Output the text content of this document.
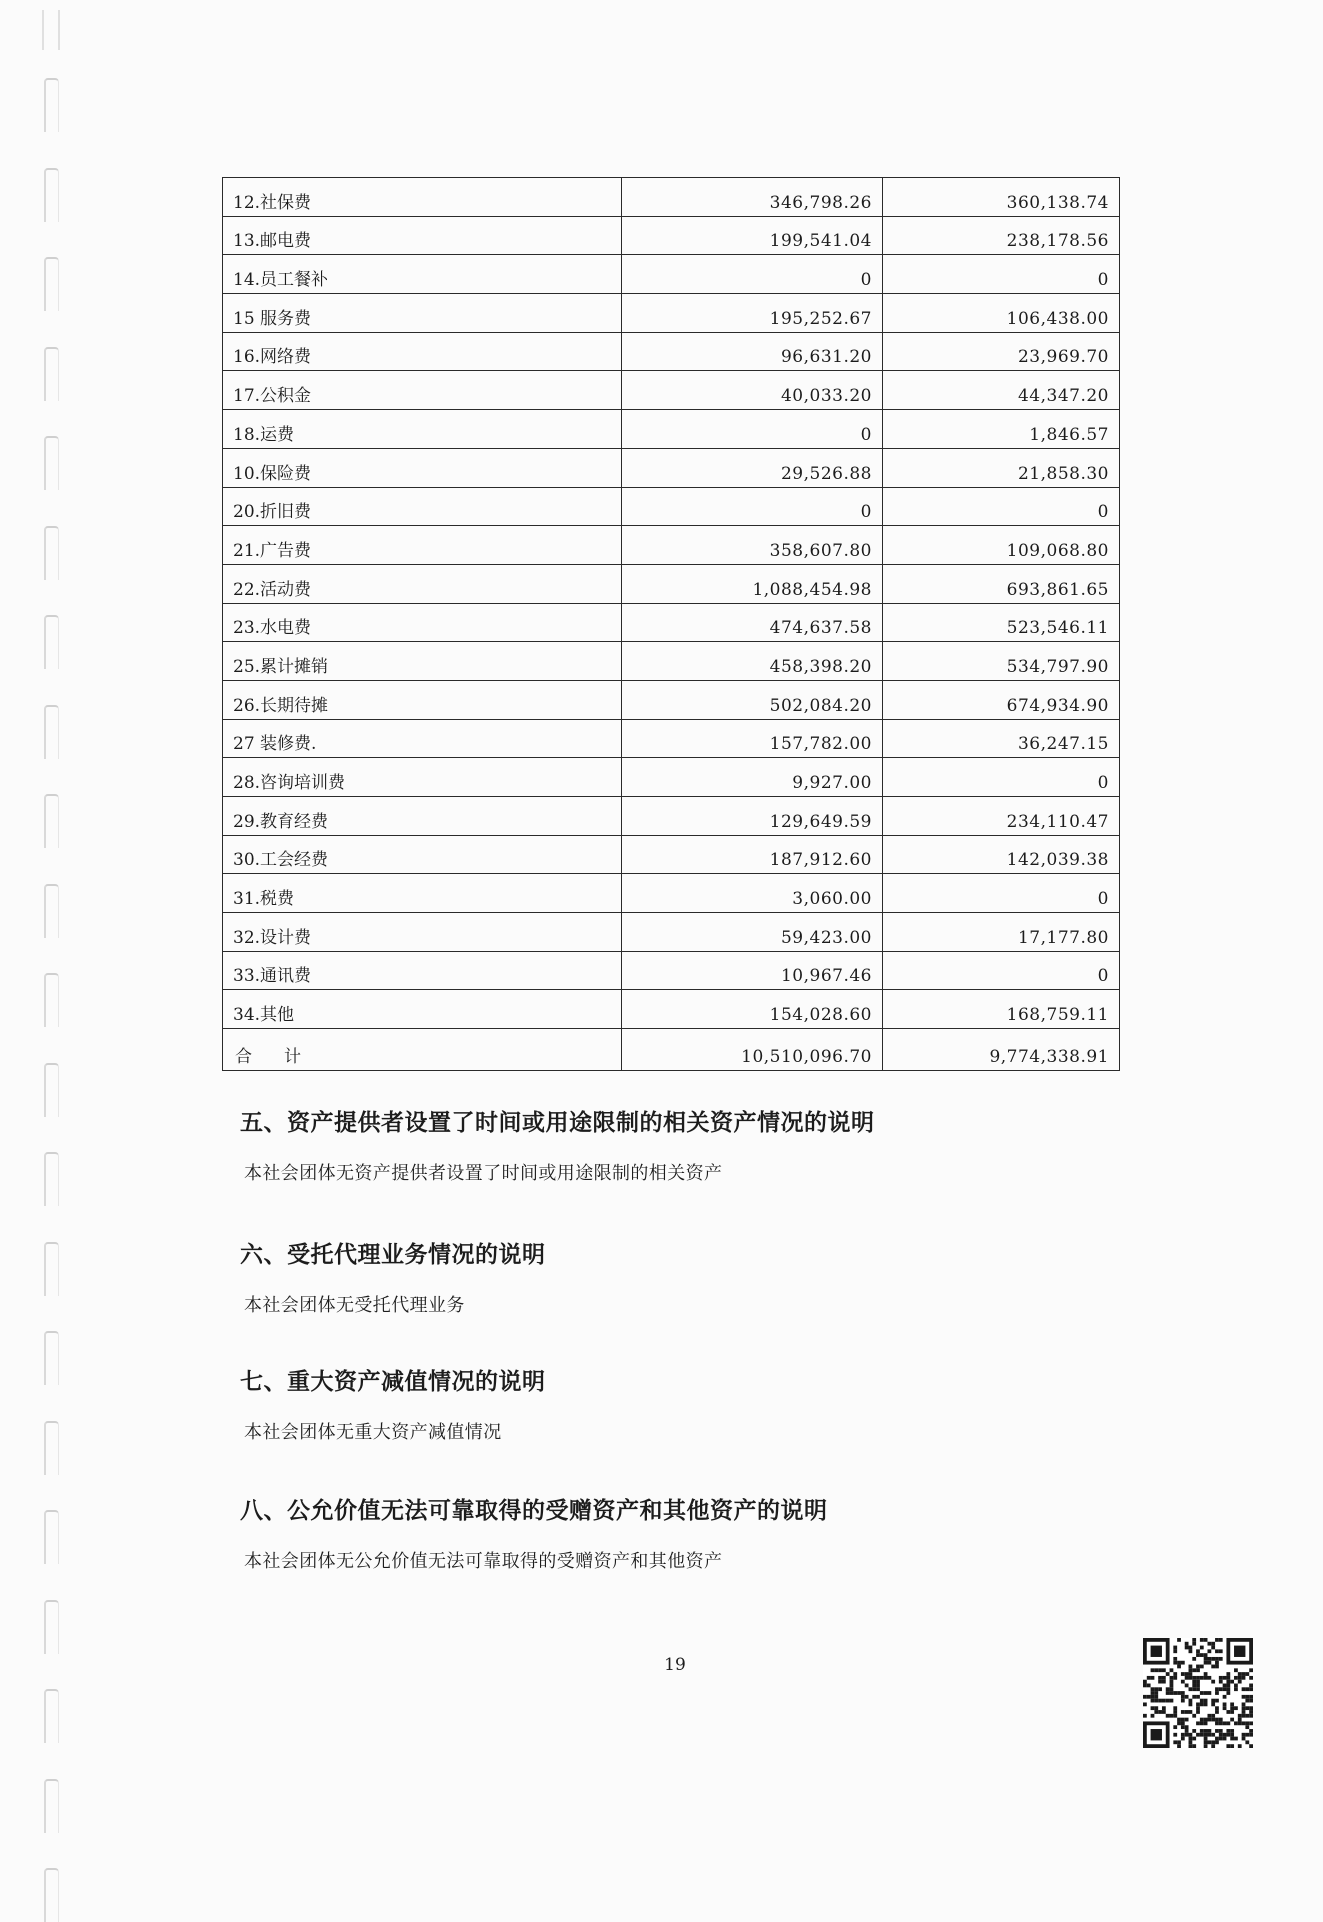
12.社保费	346,798.26	360,138.74
13.邮电费	199,541.04	238,178.56
14.员工餐补	0	0
15 服务费	195,252.67	106,438.00
16.网络费	96,631.20	23,969.70
17.公积金	40,033.20	44,347.20
18.运费	0	1,846.57
10.保险费	29,526.88	21,858.30
20.折旧费	0	0
21.广告费	358,607.80	109,068.80
22.活动费	1,088,454.98	693,861.65
23.水电费	474,637.58	523,546.11
25.累计摊销	458,398.20	534,797.90
26.长期待摊	502,084.20	674,934.90
27 装修费.	157,782.00	36,247.15
28.咨询培训费	9,927.00	0
29.教育经费	129,649.59	234,110.47
30.工会经费	187,912.60	142,039.38
31.税费	3,060.00	0
32.设计费	59,423.00	17,177.80
33.通讯费	10,967.46	0
34.其他	154,028.60	168,759.11
合计	10,510,096.70	9,774,338.91
五、资产提供者设置了时间或用途限制的相关资产情况的说明

本社会团体无资产提供者设置了时间或用途限制的相关资产

六、受托代理业务情况的说明

本社会团体无受托代理业务

七、重大资产减值情况的说明

本社会团体无重大资产减值情况

八、公允价值无法可靠取得的受赠资产和其他资产的说明

本社会团体无公允价值无法可靠取得的受赠资产和其他资产

19
